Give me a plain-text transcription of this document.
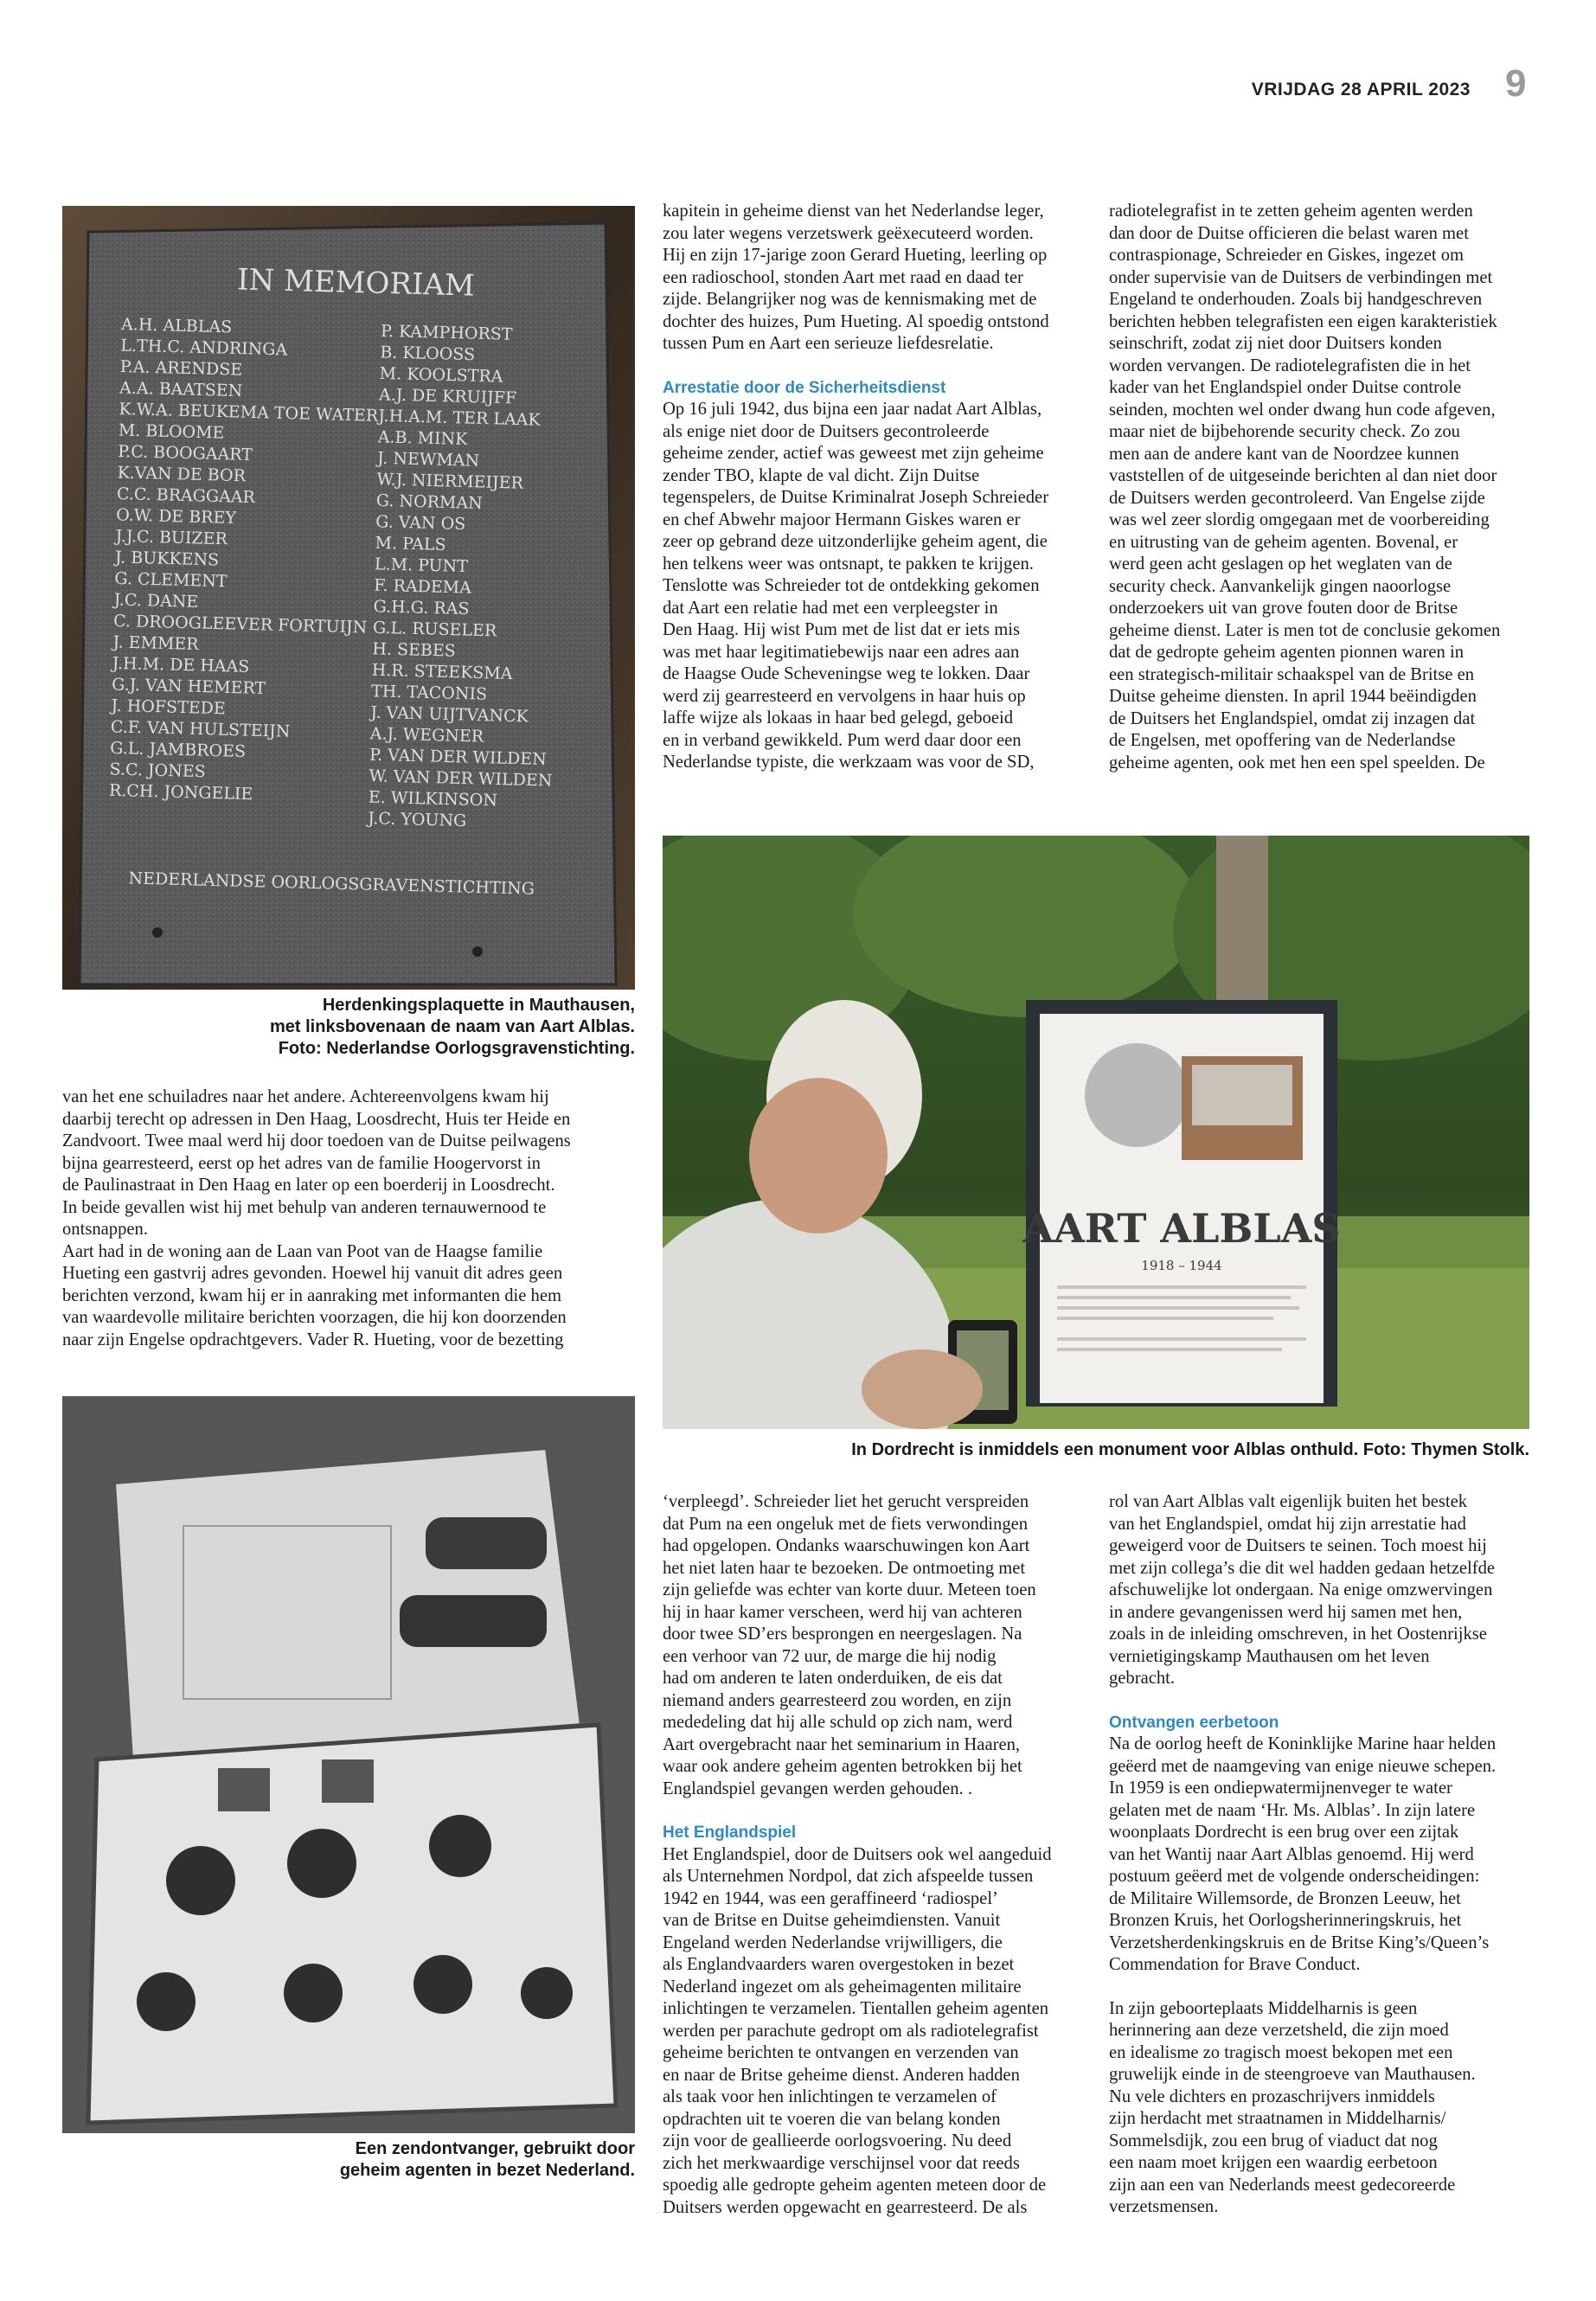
VRIJDAG 28 APRIL 2023 9
IN MEMORIAM
A.H. ALBLAS
L.TH.C. ANDRINGA
P.A. ARENDSE
A.A. BAATSEN
K.W.A. BEUKEMA TOE WATER
M. BLOOME
P.C. BOOGAART
K.VAN DE BOR
C.C. BRAGGAAR
O.W. DE BREY
J.J.C. BUIZER
J. BUKKENS
G. CLEMENT
J.C. DANE
C. DROOGLEEVER FORTUIJN
J. EMMER
J.H.M. DE HAAS
G.J. VAN HEMERT
J. HOFSTEDE
C.F. VAN HULSTEIJN
G.L. JAMBROES
S.C. JONES
R.CH. JONGELIE
P. KAMPHORST
B. KLOOSS
M. KOOLSTRA
A.J. DE KRUIJFF
J.H.A.M. TER LAAK
A.B. MINK
J. NEWMAN
W.J. NIERMEIJER
G. NORMAN
G. VAN OS
M. PALS
L.M. PUNT
F. RADEMA
G.H.G. RAS
G.L. RUSELER
H. SEBES
H.R. STEEKSMA
TH. TACONIS
J. VAN UIJTVANCK
A.J. WEGNER
P. VAN DER WILDEN
W. VAN DER WILDEN
E. WILKINSON
J.C. YOUNG
NEDERLANDSE OORLOGSGRAVENSTICHTING
Herdenkingsplaquette in Mauthausen,
met linksbovenaan de naam van Aart Alblas.
Foto: Nederlandse Oorlogsgravenstichting.

kapitein in geheime dienst van het Nederlandse leger,

zou later wegens verzetswerk geëxecuteerd worden.

Hij en zijn 17-jarige zoon Gerard Hueting, leerling op

een radioschool, stonden Aart met raad en daad ter

zijde. Belangrijker nog was de kennismaking met de

dochter des huizes, Pum Hueting. Al spoedig ontstond

tussen Pum en Aart een serieuze liefdesrelatie.

Arrestatie door de Sicherheitsdienst

Op 16 juli 1942, dus bijna een jaar nadat Aart Alblas,

als enige niet door de Duitsers gecontroleerde

geheime zender, actief was geweest met zijn geheime

zender TBO, klapte de val dicht. Zijn Duitse

tegenspelers, de Duitse Kriminalrat Joseph Schreieder

en chef Abwehr majoor Hermann Giskes waren er

zeer op gebrand deze uitzonderlijke geheim agent, die

hen telkens weer was ontsnapt, te pakken te krijgen.

Tenslotte was Schreieder tot de ontdekking gekomen

dat Aart een relatie had met een verpleegster in

Den Haag. Hij wist Pum met de list dat er iets mis

was met haar legitimatiebewijs naar een adres aan

de Haagse Oude Scheveningse weg te lokken. Daar

werd zij gearresteerd en vervolgens in haar huis op

laffe wijze als lokaas in haar bed gelegd, geboeid

en in verband gewikkeld. Pum werd daar door een

Nederlandse typiste, die werkzaam was voor de SD,

radiotelegrafist in te zetten geheim agenten werden

dan door de Duitse officieren die belast waren met

contraspionage, Schreieder en Giskes, ingezet om

onder supervisie van de Duitsers de verbindingen met

Engeland te onderhouden. Zoals bij handgeschreven

berichten hebben telegrafisten een eigen karakteristiek

seinschrift, zodat zij niet door Duitsers konden

worden vervangen. De radiotelegrafisten die in het

kader van het Englandspiel onder Duitse controle

seinden, mochten wel onder dwang hun code afgeven,

maar niet de bijbehorende security check. Zo zou

men aan de andere kant van de Noordzee kunnen

vaststellen of de uitgeseinde berichten al dan niet door

de Duitsers werden gecontroleerd. Van Engelse zijde

was wel zeer slordig omgegaan met de voorbereiding

en uitrusting van de geheim agenten. Bovenal, er

werd geen acht geslagen op het weglaten van de

security check. Aanvankelijk gingen naoorlogse

onderzoekers uit van grove fouten door de Britse

geheime dienst. Later is men tot de conclusie gekomen

dat de gedropte geheim agenten pionnen waren in

een strategisch-militair schaakspel van de Britse en

Duitse geheime diensten. In april 1944 beëindigden

de Duitsers het Englandspiel, omdat zij inzagen dat

de Engelsen, met opoffering van de Nederlandse

geheime agenten, ook met hen een spel speelden. De

van het ene schuiladres naar het andere. Achtereenvolgens kwam hij

daarbij terecht op adressen in Den Haag, Loosdrecht, Huis ter Heide en

Zandvoort. Twee maal werd hij door toedoen van de Duitse peilwagens

bijna gearresteerd, eerst op het adres van de familie Hoogervorst in

de Paulinastraat in Den Haag en later op een boerderij in Loosdrecht.

In beide gevallen wist hij met behulp van anderen ternauwernood te

ontsnappen.

Aart had in de woning aan de Laan van Poot van de Haagse familie

Hueting een gastvrij adres gevonden. Hoewel hij vanuit dit adres geen

berichten verzond, kwam hij er in aanraking met informanten die hem

van waardevolle militaire berichten voorzagen, die hij kon doorzenden

naar zijn Engelse opdrachtgevers. Vader R. Hueting, voor de bezetting

AART ALBLAS
1918 – 1944
In Dordrecht is inmiddels een monument voor Alblas onthuld. Foto: Thymen Stolk.
Een zendontvanger, gebruikt door
geheim agenten in bezet Nederland.

‘verpleegd’. Schreieder liet het gerucht verspreiden

dat Pum na een ongeluk met de fiets verwondingen

had opgelopen. Ondanks waarschuwingen kon Aart

het niet laten haar te bezoeken. De ontmoeting met

zijn geliefde was echter van korte duur. Meteen toen

hij in haar kamer verscheen, werd hij van achteren

door twee SD’ers besprongen en neergeslagen. Na

een verhoor van 72 uur, de marge die hij nodig

had om anderen te laten onderduiken, de eis dat

niemand anders gearresteerd zou worden, en zijn

mededeling dat hij alle schuld op zich nam, werd

Aart overgebracht naar het seminarium in Haaren,

waar ook andere geheim agenten betrokken bij het

Englandspiel gevangen werden gehouden. .

Het Englandspiel

Het Englandspiel, door de Duitsers ook wel aangeduid

als Unternehmen Nordpol, dat zich afspeelde tussen

1942 en 1944, was een geraffineerd ‘radiospel’

van de Britse en Duitse geheimdiensten. Vanuit

Engeland werden Nederlandse vrijwilligers, die

als Englandvaarders waren overgestoken in bezet

Nederland ingezet om als geheimagenten militaire

inlichtingen te verzamelen. Tientallen geheim agenten

werden per parachute gedropt om als radiotelegrafist

geheime berichten te ontvangen en verzenden van

en naar de Britse geheime dienst. Anderen hadden

als taak voor hen inlichtingen te verzamelen of

opdrachten uit te voeren die van belang konden

zijn voor de geallieerde oorlogsvoering. Nu deed

zich het merkwaardige verschijnsel voor dat reeds

spoedig alle gedropte geheim agenten meteen door de

Duitsers werden opgewacht en gearresteerd. De als

rol van Aart Alblas valt eigenlijk buiten het bestek

van het Englandspiel, omdat hij zijn arrestatie had

geweigerd voor de Duitsers te seinen. Toch moest hij

met zijn collega’s die dit wel hadden gedaan hetzelfde

afschuwelijke lot ondergaan. Na enige omzwervingen

in andere gevangenissen werd hij samen met hen,

zoals in de inleiding omschreven, in het Oostenrijkse

vernietigingskamp Mauthausen om het leven

gebracht.

Ontvangen eerbetoon

Na de oorlog heeft de Koninklijke Marine haar helden

geëerd met de naamgeving van enige nieuwe schepen.

In 1959 is een ondiepwatermijnenveger te water

gelaten met de naam ‘Hr. Ms. Alblas’. In zijn latere

woonplaats Dordrecht is een brug over een zijtak

van het Wantij naar Aart Alblas genoemd. Hij werd

postuum geëerd met de volgende onderscheidingen:

de Militaire Willemsorde, de Bronzen Leeuw, het

Bronzen Kruis, het Oorlogsherinneringskruis, het

Verzetsherdenkingskruis en de Britse King’s/Queen’s

Commendation for Brave Conduct.

In zijn geboorteplaats Middelharnis is geen

herinnering aan deze verzetsheld, die zijn moed

en idealisme zo tragisch moest bekopen met een

gruwelijk einde in de steengroeve van Mauthausen.

Nu vele dichters en prozaschrijvers inmiddels

zijn herdacht met straatnamen in Middelharnis/

Sommelsdijk, zou een brug of viaduct dat nog

een naam moet krijgen een waardig eerbetoon

zijn aan een van Nederlands meest gedecoreerde

verzetsmensen.
